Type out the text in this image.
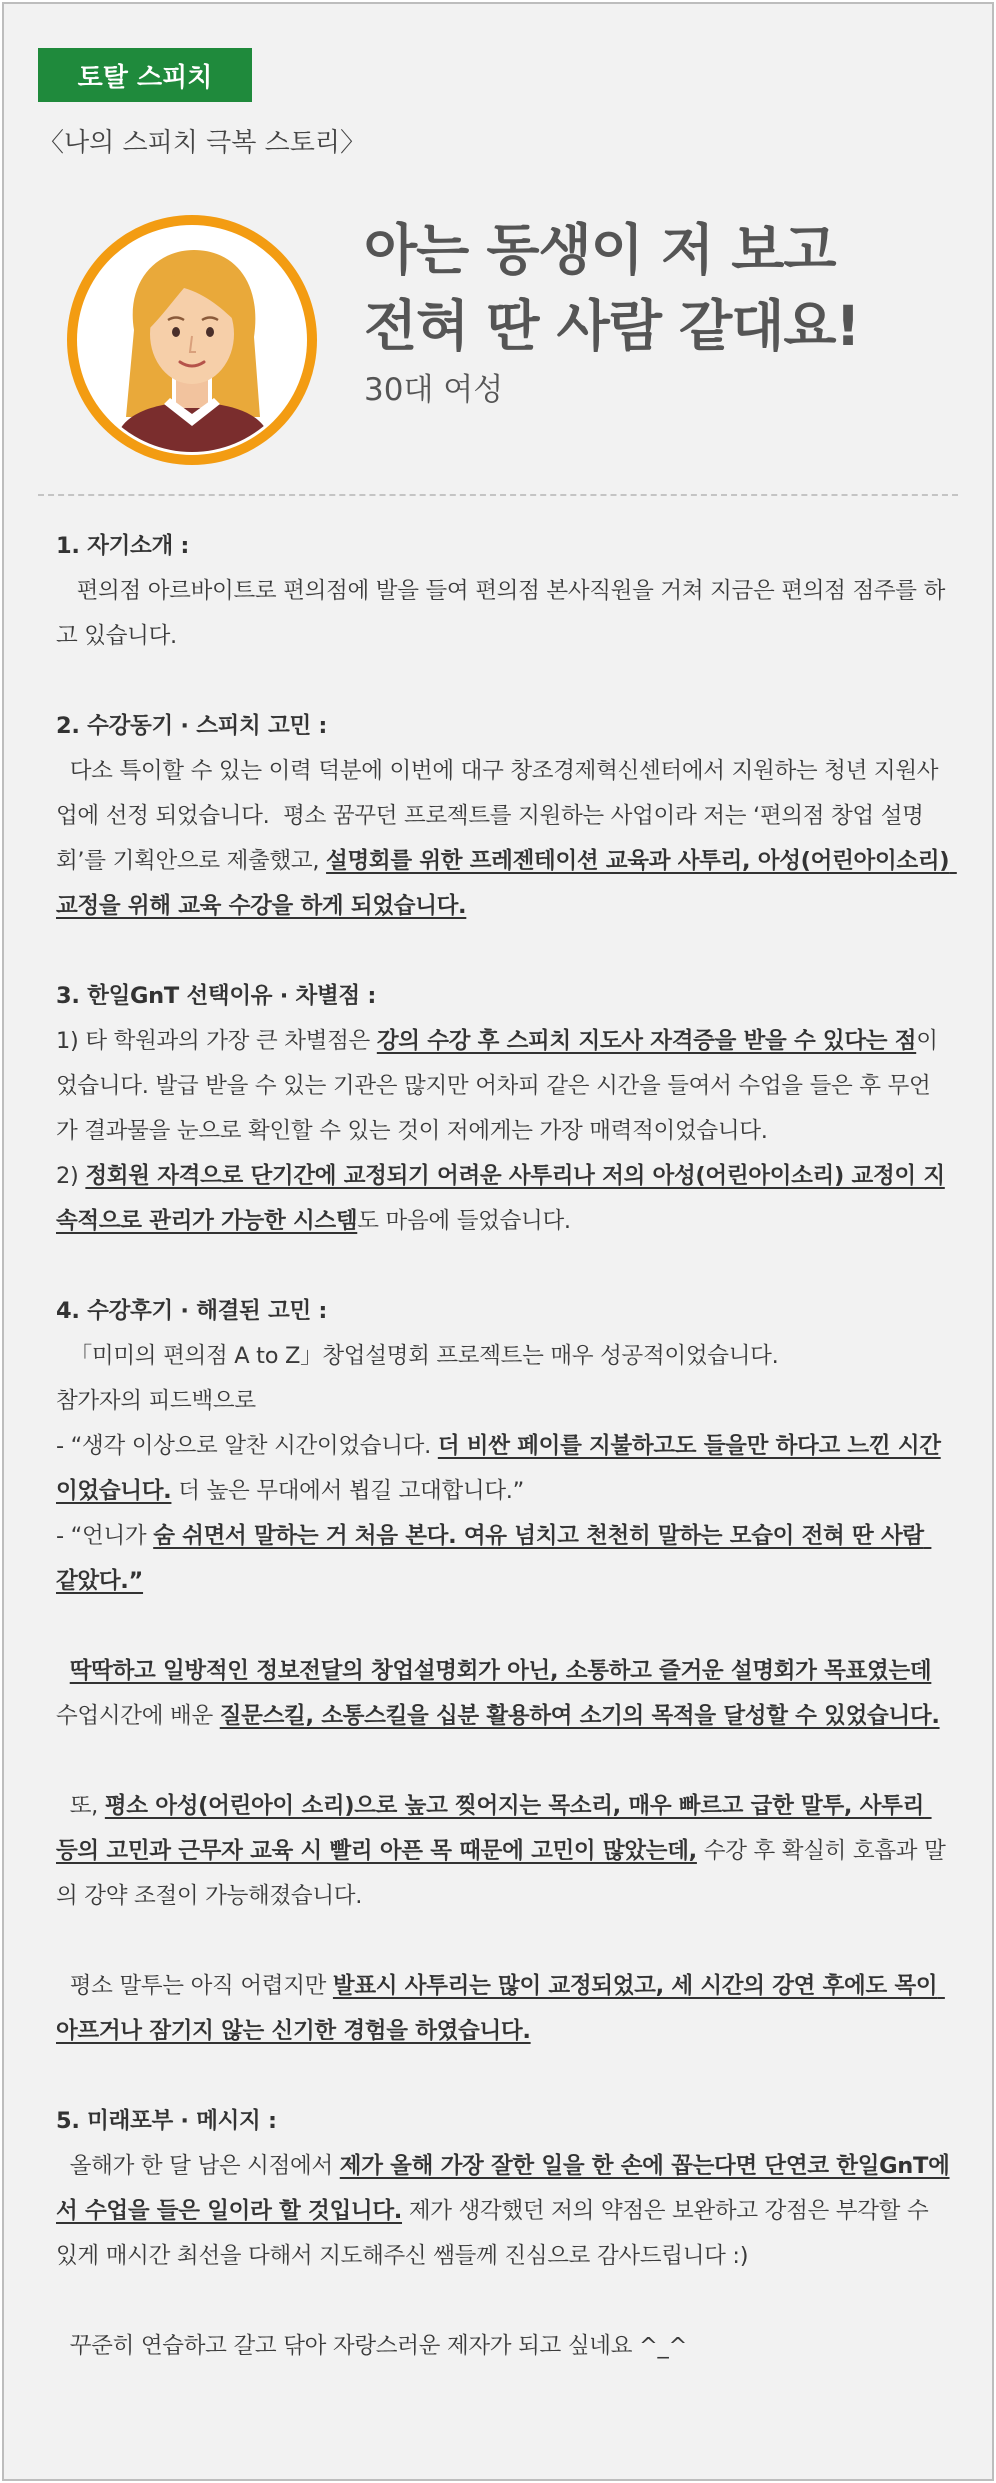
토탈 스피치
〈나의 스피치 극복 스토리〉
아는 동생이 저 보고
전혀 딴 사람 같대요!
30대 여성

1. 자기소개 :

편의점 아르바이트로 편의점에 발을 들여 편의점 본사직원을 거쳐 지금은 편의점 점주를 하고 있습니다.

2. 수강동기 · 스피치 고민 :

다소 특이할 수 있는 이력 덕분에 이번에 대구 창조경제혁신센터에서 지원하는 청년 지원사업에 선정 되었습니다.  평소 꿈꾸던 프로젝트를 지원하는 사업이라 저는 ‘편의점 창업 설명회’를 기획안으로 제출했고, 설명회를 위한 프레젠테이션 교육과 사투리, 아성(어린아이소리) 교정을 위해 교육 수강을 하게 되었습니다.

3. 한일GnT 선택이유 · 차별점 :

1) 타 학원과의 가장 큰 차별점은 강의 수강 후 스피치 지도사 자격증을 받을 수 있다는 점이었습니다. 발급 받을 수 있는 기관은 많지만 어차피 같은 시간을 들여서 수업을 들은 후 무언가 결과물을 눈으로 확인할 수 있는 것이 저에게는 가장 매력적이었습니다.

2) 정회원 자격으로 단기간에 교정되기 어려운 사투리나 저의 아성(어린아이소리) 교정이 지속적으로 관리가 가능한 시스템도 마음에 들었습니다.

4. 수강후기 · 해결된 고민 :

「미미의 편의점 A to Z」창업설명회 프로젝트는 매우 성공적이었습니다.

참가자의 피드백으로

- “생각 이상으로 알찬 시간이었습니다. 더 비싼 페이를 지불하고도 들을만 하다고 느낀 시간이었습니다. 더 높은 무대에서 뵙길 고대합니다.”

- “언니가 숨 쉬면서 말하는 거 처음 본다. 여유 넘치고 천천히 말하는 모습이 전혀 딴 사람 같았다.”

딱딱하고 일방적인 정보전달의 창업설명회가 아닌, 소통하고 즐거운 설명회가 목표였는데  수업시간에 배운 질문스킬, 소통스킬을 십분 활용하여 소기의 목적을 달성할 수 있었습니다.

또, 평소 아성(어린아이 소리)으로 높고 찢어지는 목소리, 매우 빠르고 급한 말투, 사투리 등의 고민과 근무자 교육 시 빨리 아픈 목 때문에 고민이 많았는데, 수강 후 확실히 호흡과 말의 강약 조절이 가능해졌습니다.

평소 말투는 아직 어렵지만 발표시 사투리는 많이 교정되었고, 세 시간의 강연 후에도 목이 아프거나 잠기지 않는 신기한 경험을 하였습니다.

5. 미래포부 · 메시지 :

올해가 한 달 남은 시점에서 제가 올해 가장 잘한 일을 한 손에 꼽는다면 단연코 한일GnT에서 수업을 들은 일이라 할 것입니다. 제가 생각했던 저의 약점은 보완하고 강점은 부각할 수 있게 매시간 최선을 다해서 지도해주신 쌤들께 진심으로 감사드립니다 :)

꾸준히 연습하고 갈고 닦아 자랑스러운 제자가 되고 싶네요 ^_^
